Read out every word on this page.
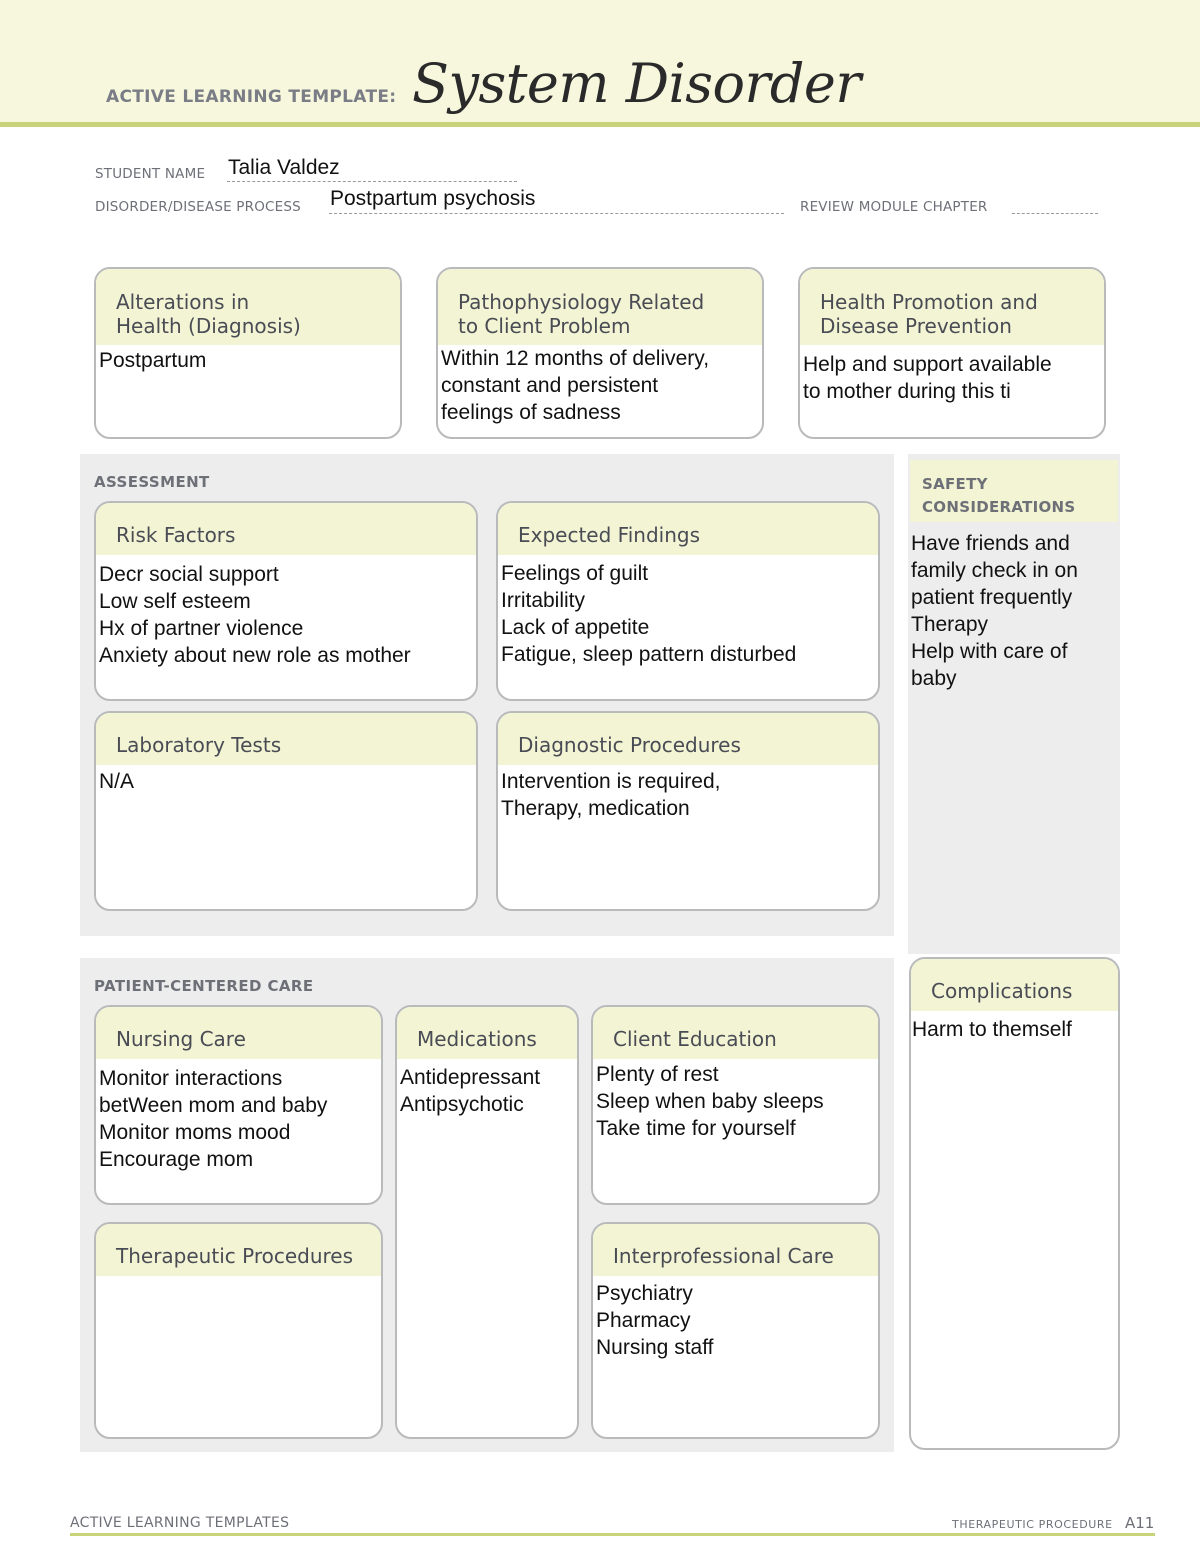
ACTIVE LEARNING TEMPLATE: System Disorder
STUDENT NAME Talia Valdez
DISORDER/DISEASE PROCESS Postpartum psychosis	REVIEW MODULE CHAPTER
Alterations in
Health (Diagnosis)
Postpartum
Pathophysiology Related
to Client Problem
Within 12 months of delivery,
constant and persistent
feelings of sadness
Health Promotion and
Disease Prevention
Help and support available
to mother during this ti
ASSESSMENT
Risk Factors
Decr social support
Low self esteem
Hx of partner violence
Anxiety about new role as mother
Expected Findings
Feelings of guilt
Irritability
Lack of appetite
Fatigue, sleep pattern disturbed
Laboratory Tests
N/A
Diagnostic Procedures
Intervention is required,
Therapy, medication
SAFETY
CONSIDERATIONS
Have friends and
family check in on
patient frequently
Therapy
Help with care of
baby
PATIENT-CENTERED CARE
Nursing Care
Monitor interactions
betWeen mom and baby
Monitor moms mood
Encourage mom
Medications
Antidepressant
Antipsychotic
Client Education
Plenty of rest
Sleep when baby sleeps
Take time for yourself
Therapeutic Procedures	Interprofessional Care
Psychiatry
Pharmacy
Nursing staff
Complications
Harm to themself
ACTIVE LEARNING TEMPLATES	THERAPEUTIC PROCEDURE A11
